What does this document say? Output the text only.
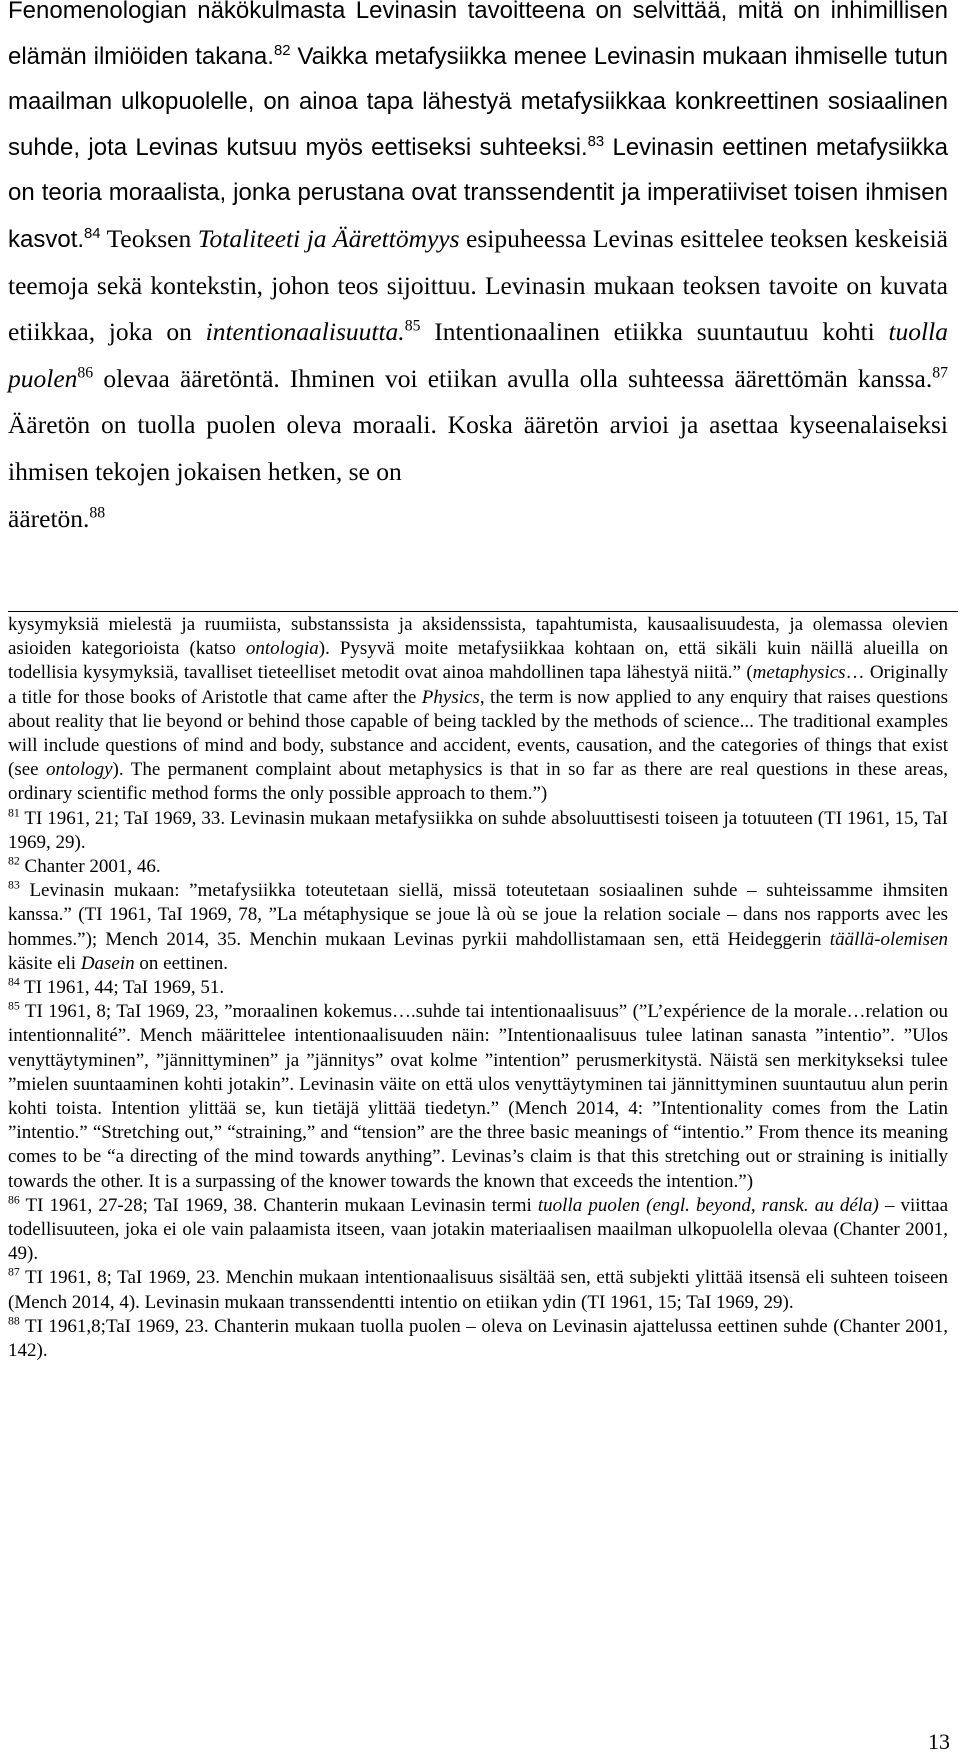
Fenomenologian näkökulmasta Levinasin tavoitteena on selvittää, mitä on inhimillisen elämän ilmiöiden takana.$^{82}$ Vaikka metafysiikka menee Levinasin mukaan ihmiselle tutun maailman ulkopuolelle, on ainoa tapa lähestyä metafysiikkaa konkreettinen sosiaalinen suhde, jota Levinas kutsuu myös eettiseksi suhteeksi.$^{83}$ Levinasin eettinen metafysiikka on teoria moraalista, jonka perustana ovat transsendentit ja imperatiiviset toisen ihmisen kasvot.$^{84}$ Teoksen Totaliteeti ja Äärettömyys esipuheessa Levinas esittelee teoksen keskeisiä teemoja sekä kontekstin, johon teos sijoittuu. Levinasin mukaan teoksen tavoite on kuvata etiikkaa, joka on intentionaalisuutta.$^{85}$ Intentionaalinen etiikka suuntautuu kohti tuolla puolen$^{86}$ olevaa ääretöntä. Ihminen voi etiikan avulla olla suhteessa äärettömän kanssa.$^{87}$ Ääretön on tuolla puolen oleva moraali. Koska ääretön arvioi ja asettaa kyseenalaiseksi ihmisen tekojen jokaisen hetken, se on

ääretön.$^{88}$

kysymyksiä mielestä ja ruumiista, substanssista ja aksidenssista, tapahtumista, kausaalisuudesta, ja olemassa olevien asioiden kategorioista (katso ontologia). Pysyvä moite metafysiikkaa kohtaan on, että sikäli kuin näillä alueilla on todellisia kysymyksiä, tavalliset tieteelliset metodit ovat ainoa mahdollinen tapa lähestyä niitä.” (metaphysics… Originally a title for those books of Aristotle that came after the Physics, the term is now applied to any enquiry that raises questions about reality that lie beyond or behind those capable of being tackled by the methods of science... The traditional examples will include questions of mind and body, substance and accident, events, causation, and the categories of things that exist (see ontology). The permanent complaint about metaphysics is that in so far as there are real questions in these areas, ordinary scientific method forms the only possible approach to them.”)

$^{81}$ TI 1961, 21; TaI 1969, 33. Levinasin mukaan metafysiikka on suhde absoluuttisesti toiseen ja totuuteen (TI 1961, 15, TaI 1969, 29).

$^{82}$ Chanter 2001, 46.

$^{83}$ Levinasin mukaan: ”metafysiikka toteutetaan siellä, missä toteutetaan sosiaalinen suhde – suhteissamme ihmsiten kanssa.” (TI 1961, TaI 1969, 78, ”La métaphysique se joue là où se joue la relation sociale – dans nos rapports avec les hommes.”); Mench 2014, 35. Menchin mukaan Levinas pyrkii mahdollistamaan sen, että Heideggerin täällä-olemisen käsite eli Dasein on eettinen.

$^{84}$ TI 1961, 44; TaI 1969, 51.

$^{85}$ TI 1961, 8; TaI 1969, 23, ”moraalinen kokemus….suhde tai intentionaalisuus” (”L’expérience de la morale…relation ou intentionnalité”. Mench määrittelee intentionaalisuuden näin: ”Intentionaalisuus tulee latinan sanasta ”intentio”. ”Ulos venyttäytyminen”, ”jännittyminen” ja ”jännitys” ovat kolme ”intention” perusmerkitystä. Näistä sen merkitykseksi tulee ”mielen suuntaaminen kohti jotakin”. Levinasin väite on että ulos venyttäytyminen tai jännittyminen suuntautuu alun perin kohti toista. Intention ylittää se, kun tietäjä ylittää tiedetyn.” (Mench 2014, 4: ”Intentionality comes from the Latin ”intentio.” “Stretching out,” “straining,” and “tension” are the three basic meanings of “intentio.” From thence its meaning comes to be “a directing of the mind towards anything”. Levinas’s claim is that this stretching out or straining is initially towards the other. It is a surpassing of the knower towards the known that exceeds the intention.”)

$^{86}$ TI 1961, 27-28; TaI 1969, 38. Chanterin mukaan Levinasin termi tuolla puolen (engl. beyond, ransk. au déla) – viittaa todellisuuteen, joka ei ole vain palaamista itseen, vaan jotakin materiaalisen maailman ulkopuolella olevaa (Chanter 2001, 49).

$^{87}$ TI 1961, 8; TaI 1969, 23. Menchin mukaan intentionaalisuus sisältää sen, että subjekti ylittää itsensä eli suhteen toiseen (Mench 2014, 4). Levinasin mukaan transsendentti intentio on etiikan ydin (TI 1961, 15; TaI 1969, 29).

$^{88}$ TI 1961,8;TaI 1969, 23. Chanterin mukaan tuolla puolen – oleva on Levinasin ajattelussa eettinen suhde (Chanter 2001, 142).

13
